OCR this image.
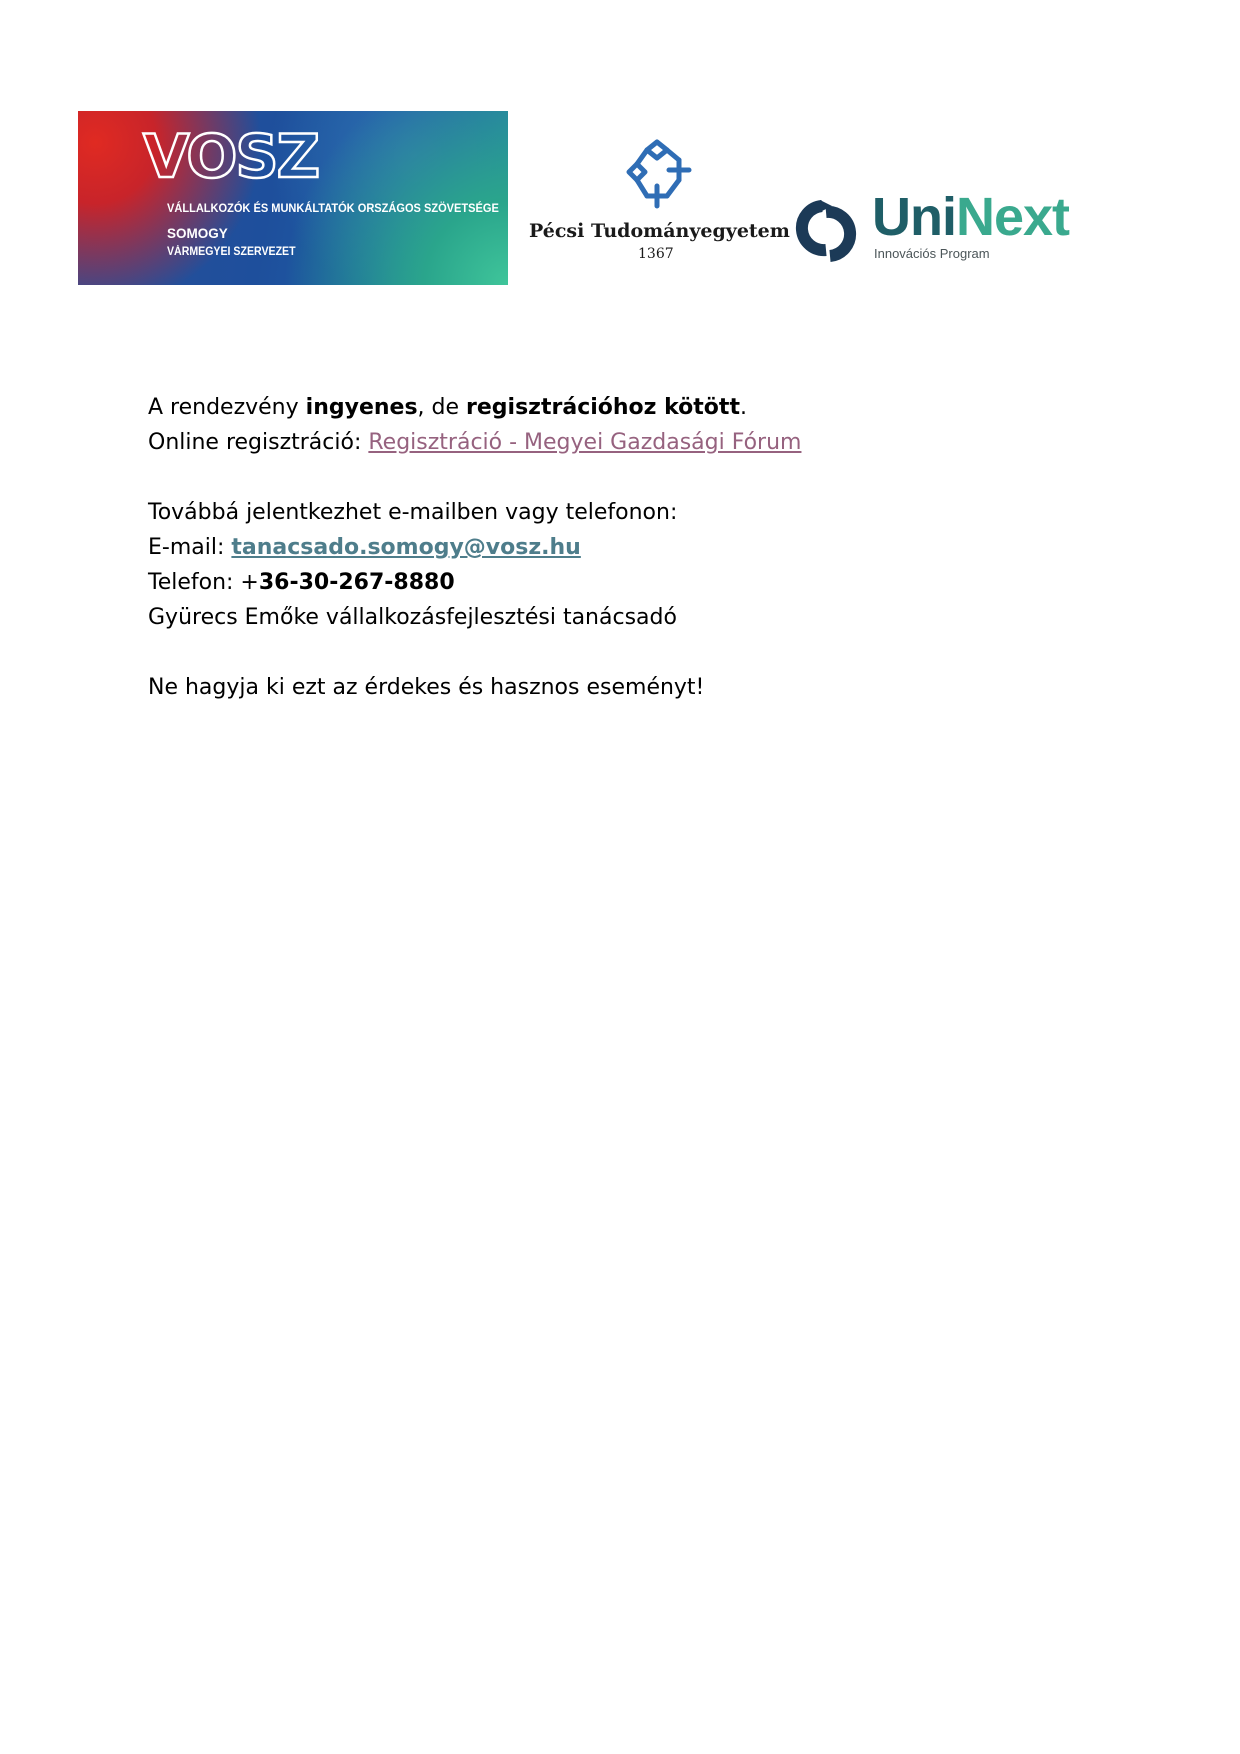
VOSZ
VÁLLALKOZÓK ÉS MUNKÁLTATÓK ORSZÁGOS SZÖVETSÉGE
SOMOGY
VÁRMEGYEI SZERVEZET
Pécsi Tudományegyetem
1367
UniNext
Innovációs Program

A rendezvény ingyenes, de regisztrációhoz kötött.

Online regisztráció: Regisztráció - Megyei Gazdasági Fórum

Továbbá jelentkezhet e-mailben vagy telefonon:

E-mail: tanacsado.somogy@vosz.hu

Telefon: +36-30-267-8880

Gyürecs Emőke vállalkozásfejlesztési tanácsadó

Ne hagyja ki ezt az érdekes és hasznos eseményt!
